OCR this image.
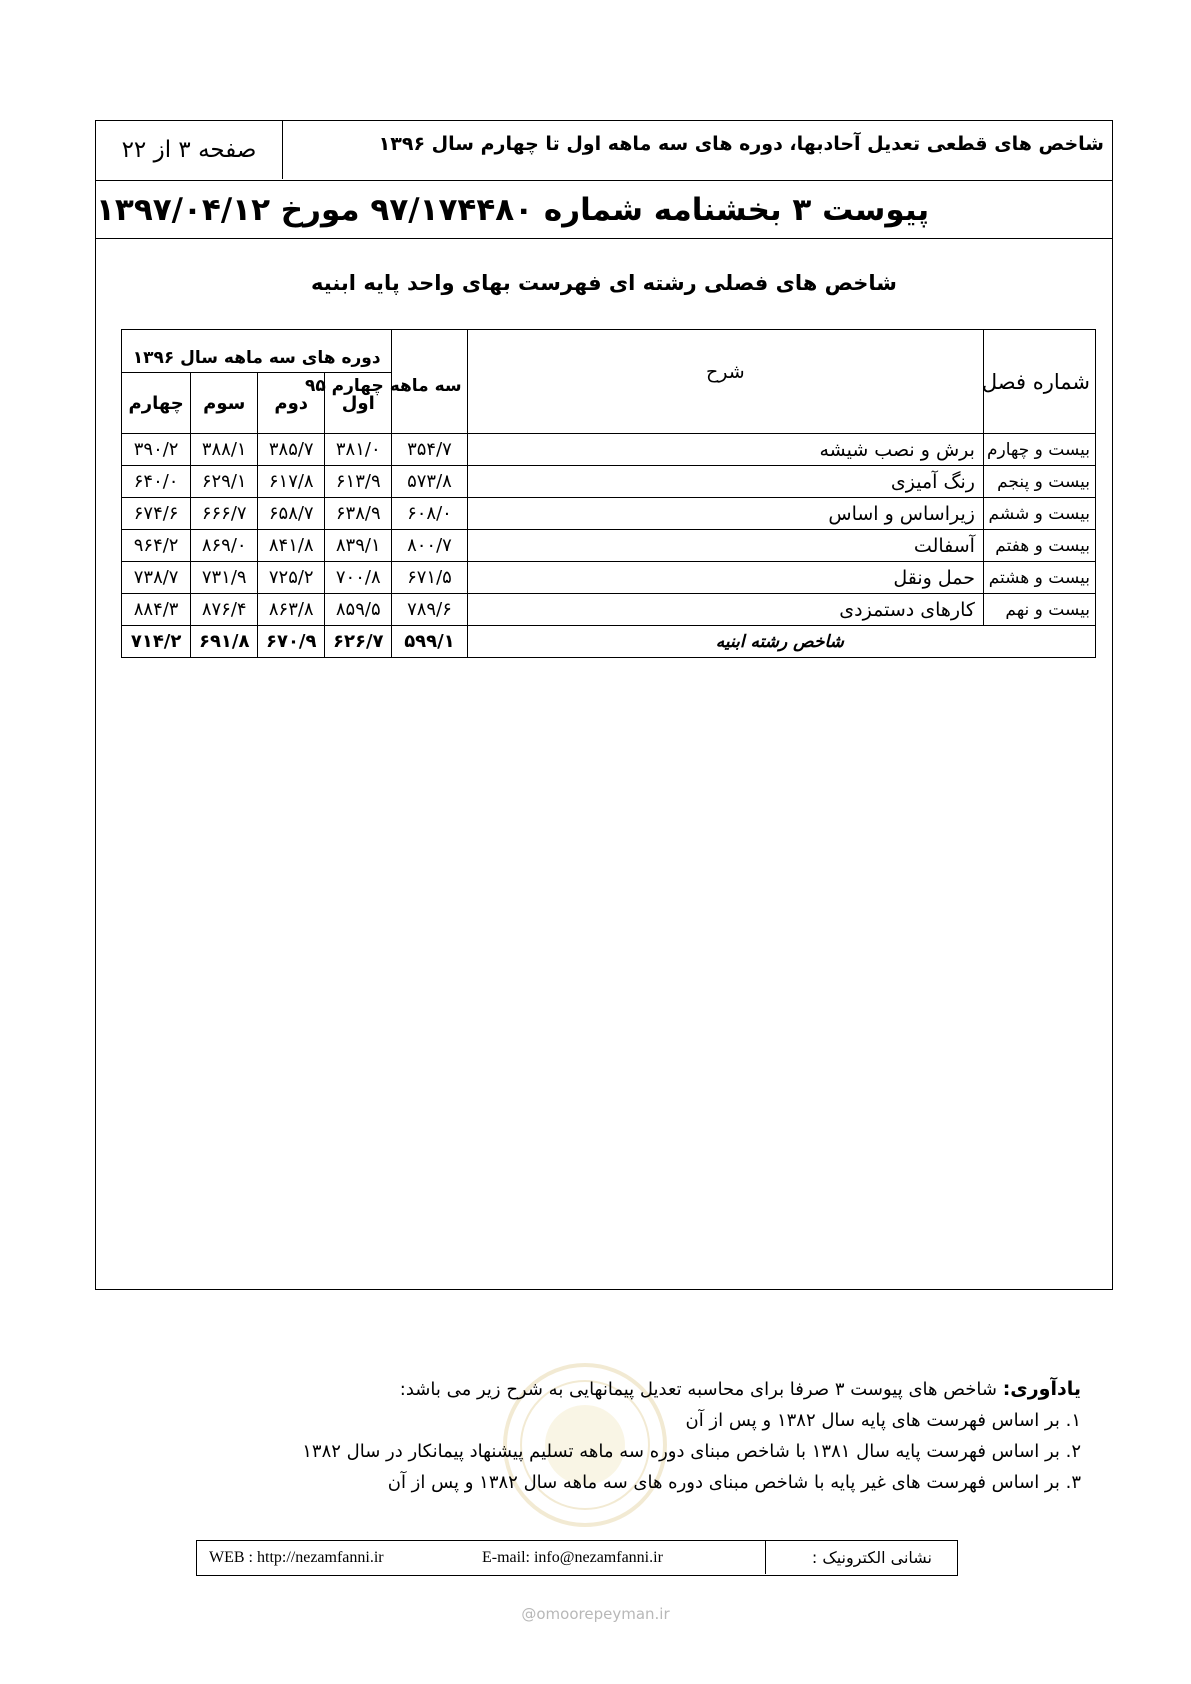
صفحه ۳ از ۲۲	شاخص های قطعی تعدیل آحادبها، دوره های سه ماهه اول تا چهارم سال ۱۳۹۶
پیوست ۳ بخشنامه شماره ۹۷/۱۷۴۴۸۰ مورخ ۱۳۹۷/۰۴/۱۲
شاخص های فصلی رشته ای فهرست بهای واحد پایه ابنیه
شماره فصل	شرح	سه ماهه چهارم ۹۵	دوره های سه ماهه سال ۱۳۹۶			
			اول	دوم	سوم	چهارم
بیست و چهارم	برش و نصب شیشه	۳۵۴/۷	۳۸۱/۰	۳۸۵/۷	۳۸۸/۱	۳۹۰/۲
بیست و پنجم	رنگ آمیزی	۵۷۳/۸	۶۱۳/۹	۶۱۷/۸	۶۲۹/۱	۶۴۰/۰
بیست و ششم	زیراساس و اساس	۶۰۸/۰	۶۳۸/۹	۶۵۸/۷	۶۶۶/۷	۶۷۴/۶
بیست و هفتم	آسفالت	۸۰۰/۷	۸۳۹/۱	۸۴۱/۸	۸۶۹/۰	۹۶۴/۲
بیست و هشتم	حمل ونقل	۶۷۱/۵	۷۰۰/۸	۷۲۵/۲	۷۳۱/۹	۷۳۸/۷
بیست و نهم	کارهای دستمزدی	۷۸۹/۶	۸۵۹/۵	۸۶۳/۸	۸۷۶/۴	۸۸۴/۳
شاخص رشته ابنیه		۵۹۹/۱	۶۲۶/۷	۶۷۰/۹	۶۹۱/۸	۷۱۴/۲
یادآوری: شاخص های پیوست ۳ صرفا برای محاسبه تعدیل پیمانهایی به شرح زیر می باشد:
۱. بر اساس فهرست های پایه سال ۱۳۸۲ و پس از آن
۲. بر اساس فهرست پایه سال ۱۳۸۱ با شاخص مبنای دوره سه ماهه تسلیم پیشنهاد پیمانکار در سال ۱۳۸۲
۳. بر اساس فهرست های غیر پایه با شاخص مبنای دوره های سه ماهه سال ۱۳۸۲ و پس از آن
نشانی الکترونیک :
WEB : http://nezamfanni.ir	E-mail: info@nezamfanni.ir
@omoorepeyman.ir
